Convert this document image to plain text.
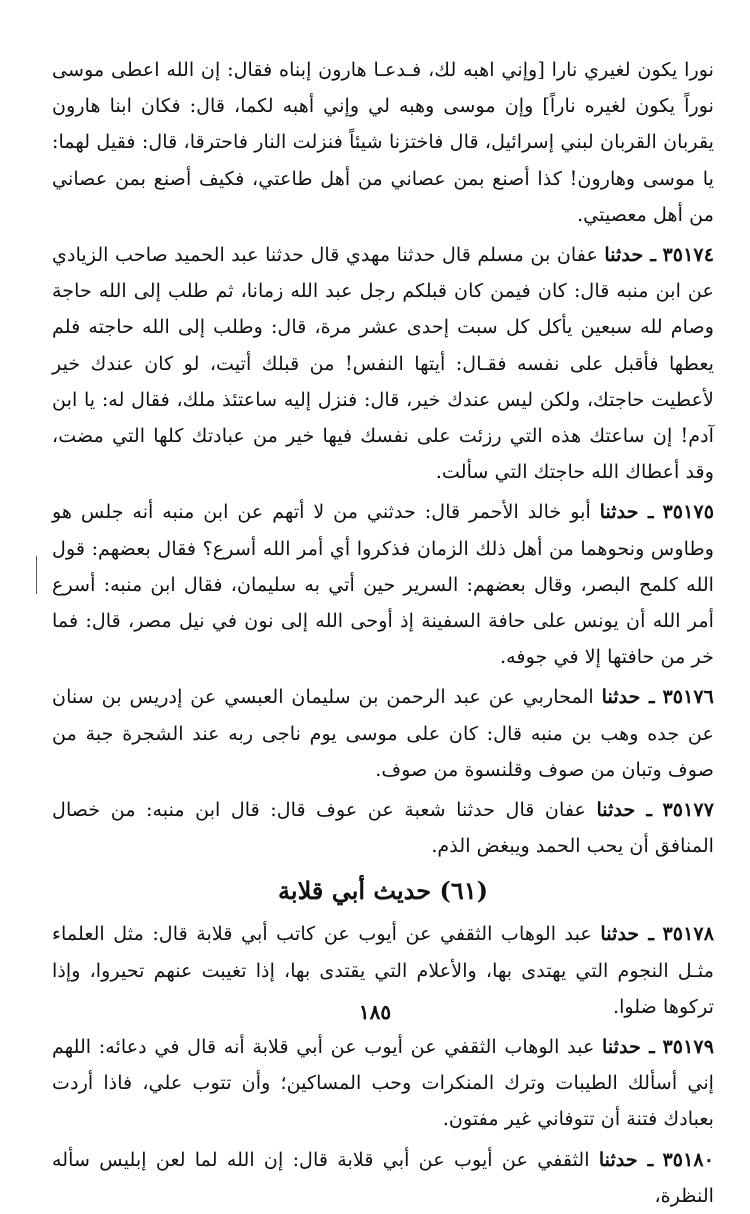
نورا يكون لغيري نارا [وإني اهبه لك، فـدعـا هارون إبناه فقال: إن الله اعطى موسى نوراً يكون لغيره ناراً] وإن موسى وهبه لي وإني أهبه لكما، قال: فكان ابنا هارون يقربان القربان لبني إسرائيل، قال فاختزنا شيئاً فنزلت النار فاحترقا، قال: فقيل لهما: يا موسى وهارون! كذا أصنع بمن عصاني من أهل طاعتي، فكيف أصنع بمن عصاني من أهل معصيتي.

٣٥١٧٤ ـ حدثنا عفان بن مسلم قال حدثنا مهدي قال حدثنا عبد الحميد صاحب الزيادي عن ابن منبه قال: كان فيمن كان قبلكم رجل عبد الله زمانا، ثم طلب إلى الله حاجة وصام لله سبعين يأكل كل سبت إحدى عشر مرة، قال: وطلب إلى الله حاجته فلم يعطها فأقبل على نفسه فقـال: أيتها النفس! من قبلك أتيت، لو كان عندك خير لأعطيت حاجتك، ولكن ليس عندك خير، قال: فنزل إليه ساعتئذ ملك، فقال له: يا ابن آدم! إن ساعتك هذه التي رزئت على نفسك فيها خير من عبادتك كلها التي مضت، وقد أعطاك الله حاجتك التي سألت.

٣٥١٧٥ ـ حدثنا أبو خالد الأحمر قال: حدثني من لا أتهم عن ابن منبه أنه جلس هو وطاوس ونحوهما من أهل ذلك الزمان فذكروا أي أمر الله أسرع؟ فقال بعضهم: قول الله كلمح البصر، وقال بعضهم: السرير حين أتي به سليمان، فقال ابن منبه: أسرع أمر الله أن يونس على حافة السفينة إذ أوحى الله إلى نون في نيل مصر، قال: فما خر من حافتها إلا في جوفه.

٣٥١٧٦ ـ حدثنا المحاربي عن عبد الرحمن بن سليمان العبسي عن إدريس بن سنان عن جده وهب بن منبه قال: كان على موسى يوم ناجى ربه عند الشجرة جبة من صوف وتبان من صوف وقلنسوة من صوف.

٣٥١٧٧ ـ حدثنا عفان قال حدثنا شعبة عن عوف قال: قال ابن منبه: من خصال المنافق أن يحب الحمد ويبغض الذم.

(٦١) حديث أبي قلابة

٣٥١٧٨ ـ حدثنا عبد الوهاب الثقفي عن أيوب عن كاتب أبي قلابة قال: مثل العلماء مثـل النجوم التي يهتدى بها، والأعلام التي يقتدى بها، إذا تغيبت عنهم تحيروا، وإذا تركوها ضلوا.

٣٥١٧٩ ـ حدثنا عبد الوهاب الثقفي عن أيوب عن أبي قلابة أنه قال في دعائه: اللهم إني أسألك الطيبات وترك المنكرات وحب المساكين؛ وأن تتوب علي، فاذا أردت بعبادك فتنة أن تتوفاني غير مفتون.

٣٥١٨٠ ـ حدثنا الثقفي عن أيوب عن أبي قلابة قال: إن الله لما لعن إبليس سأله النظرة،

١٨٥
